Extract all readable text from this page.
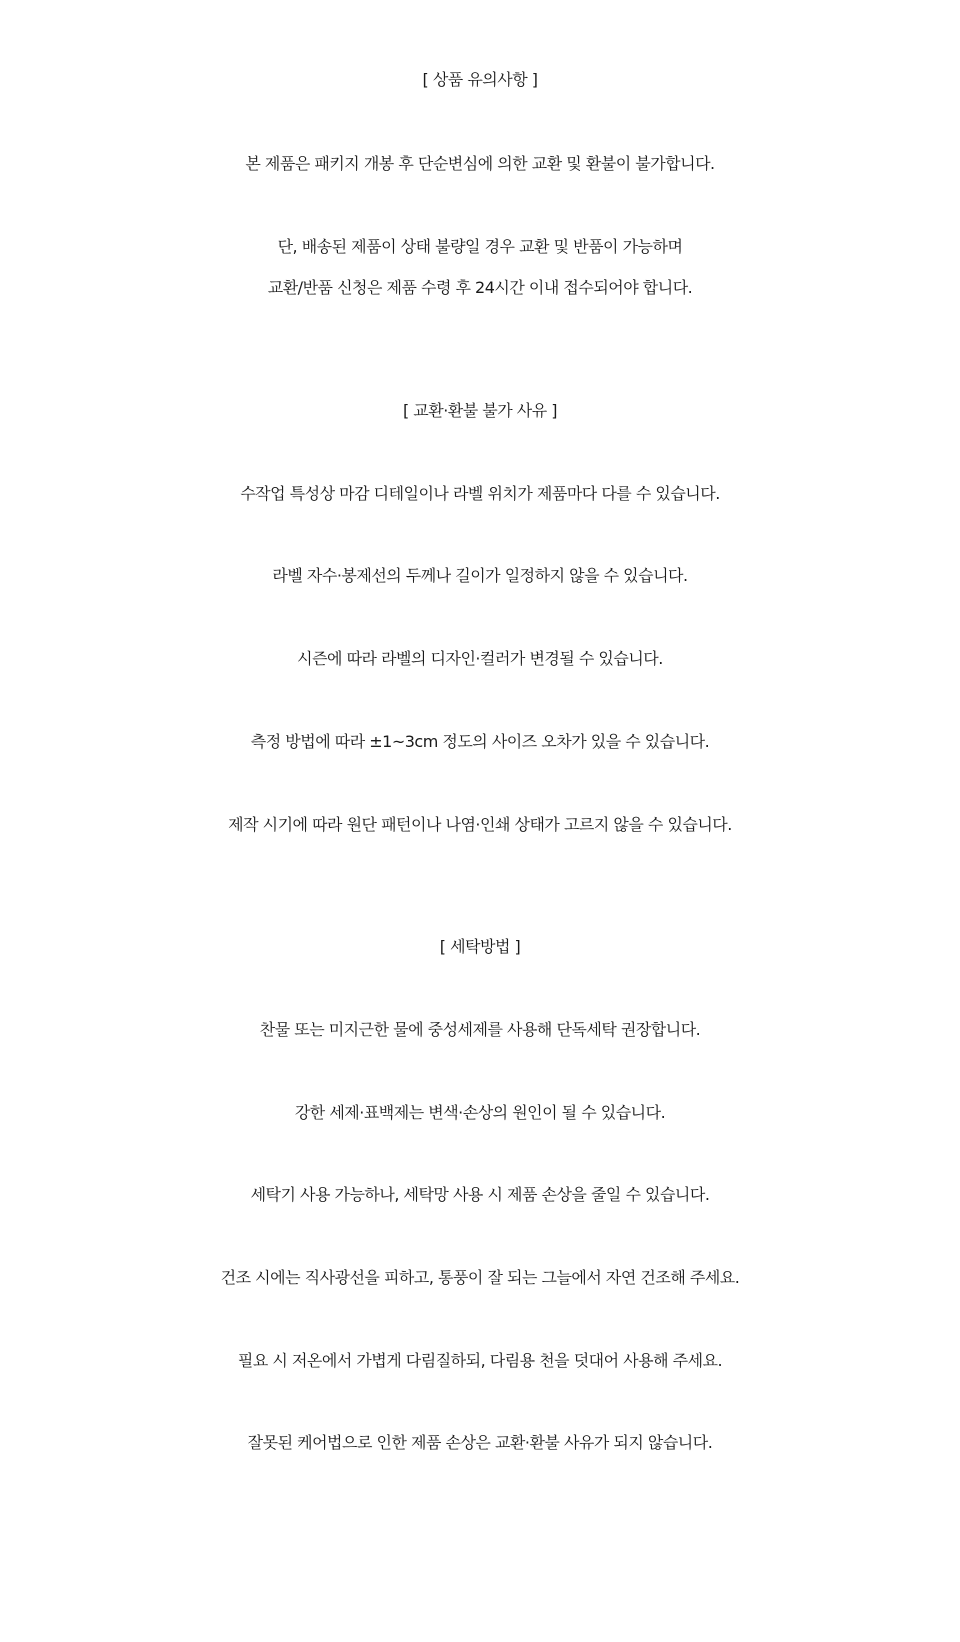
[ 상품 유의사항 ]
본 제품은 패키지 개봉 후 단순변심에 의한 교환 및 환불이 불가합니다.
단, 배송된 제품이 상태 불량일 경우 교환 및 반품이 가능하며
교환/반품 신청은 제품 수령 후 24시간 이내 접수되어야 합니다.
[ 교환·환불 불가 사유 ]
수작업 특성상 마감 디테일이나 라벨 위치가 제품마다 다를 수 있습니다.
라벨 자수·봉제선의 두께나 길이가 일정하지 않을 수 있습니다.
시즌에 따라 라벨의 디자인·컬러가 변경될 수 있습니다.
측정 방법에 따라 ±1~3cm 정도의 사이즈 오차가 있을 수 있습니다.
제작 시기에 따라 원단 패턴이나 나염·인쇄 상태가 고르지 않을 수 있습니다.
[ 세탁방법 ]
찬물 또는 미지근한 물에 중성세제를 사용해 단독세탁 권장합니다.
강한 세제·표백제는 변색·손상의 원인이 될 수 있습니다.
세탁기 사용 가능하나, 세탁망 사용 시 제품 손상을 줄일 수 있습니다.
건조 시에는 직사광선을 피하고, 통풍이 잘 되는 그늘에서 자연 건조해 주세요.
필요 시 저온에서 가볍게 다림질하되, 다림용 천을 덧대어 사용해 주세요.
잘못된 케어법으로 인한 제품 손상은 교환·환불 사유가 되지 않습니다.
